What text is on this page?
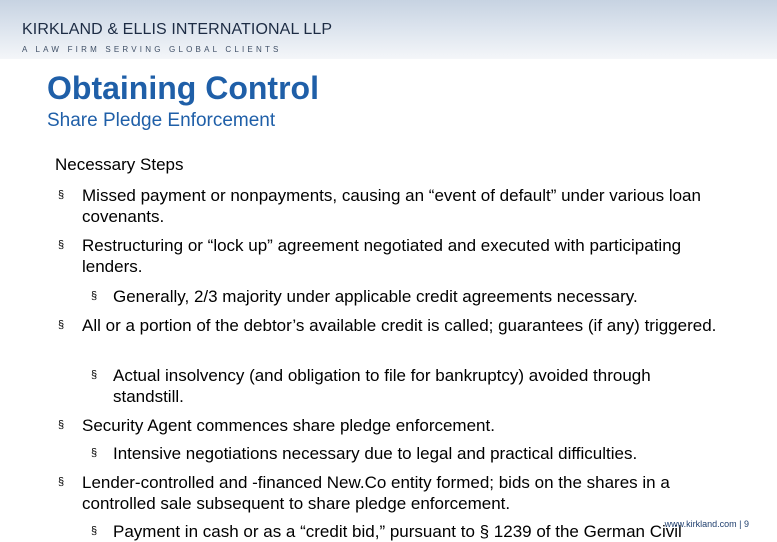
KIRKLAND & ELLIS INTERNATIONAL LLP
A LAW FIRM SERVING GLOBAL CLIENTS
Obtaining Control
Share Pledge Enforcement
Necessary Steps
§ Missed payment or nonpayments, causing an “event of default” under various loan covenants.
§ Restructuring or “lock up” agreement negotiated and executed with participating lenders.
§ Generally, 2/3 majority under applicable credit agreements necessary.
§ All or a portion of the debtor’s available credit is called; guarantees (if any) triggered.
§ Actual insolvency (and obligation to file for bankruptcy) avoided through standstill.
§ Security Agent commences share pledge enforcement.
§ Intensive negotiations necessary due to legal and practical difficulties.
§ Lender-controlled and -financed New.Co entity formed; bids on the shares in a controlled sale subsequent to share pledge enforcement.
§ Payment in cash or as a “credit bid,” pursuant to § 1239 of the German Civil
www.kirkland.com | 9
